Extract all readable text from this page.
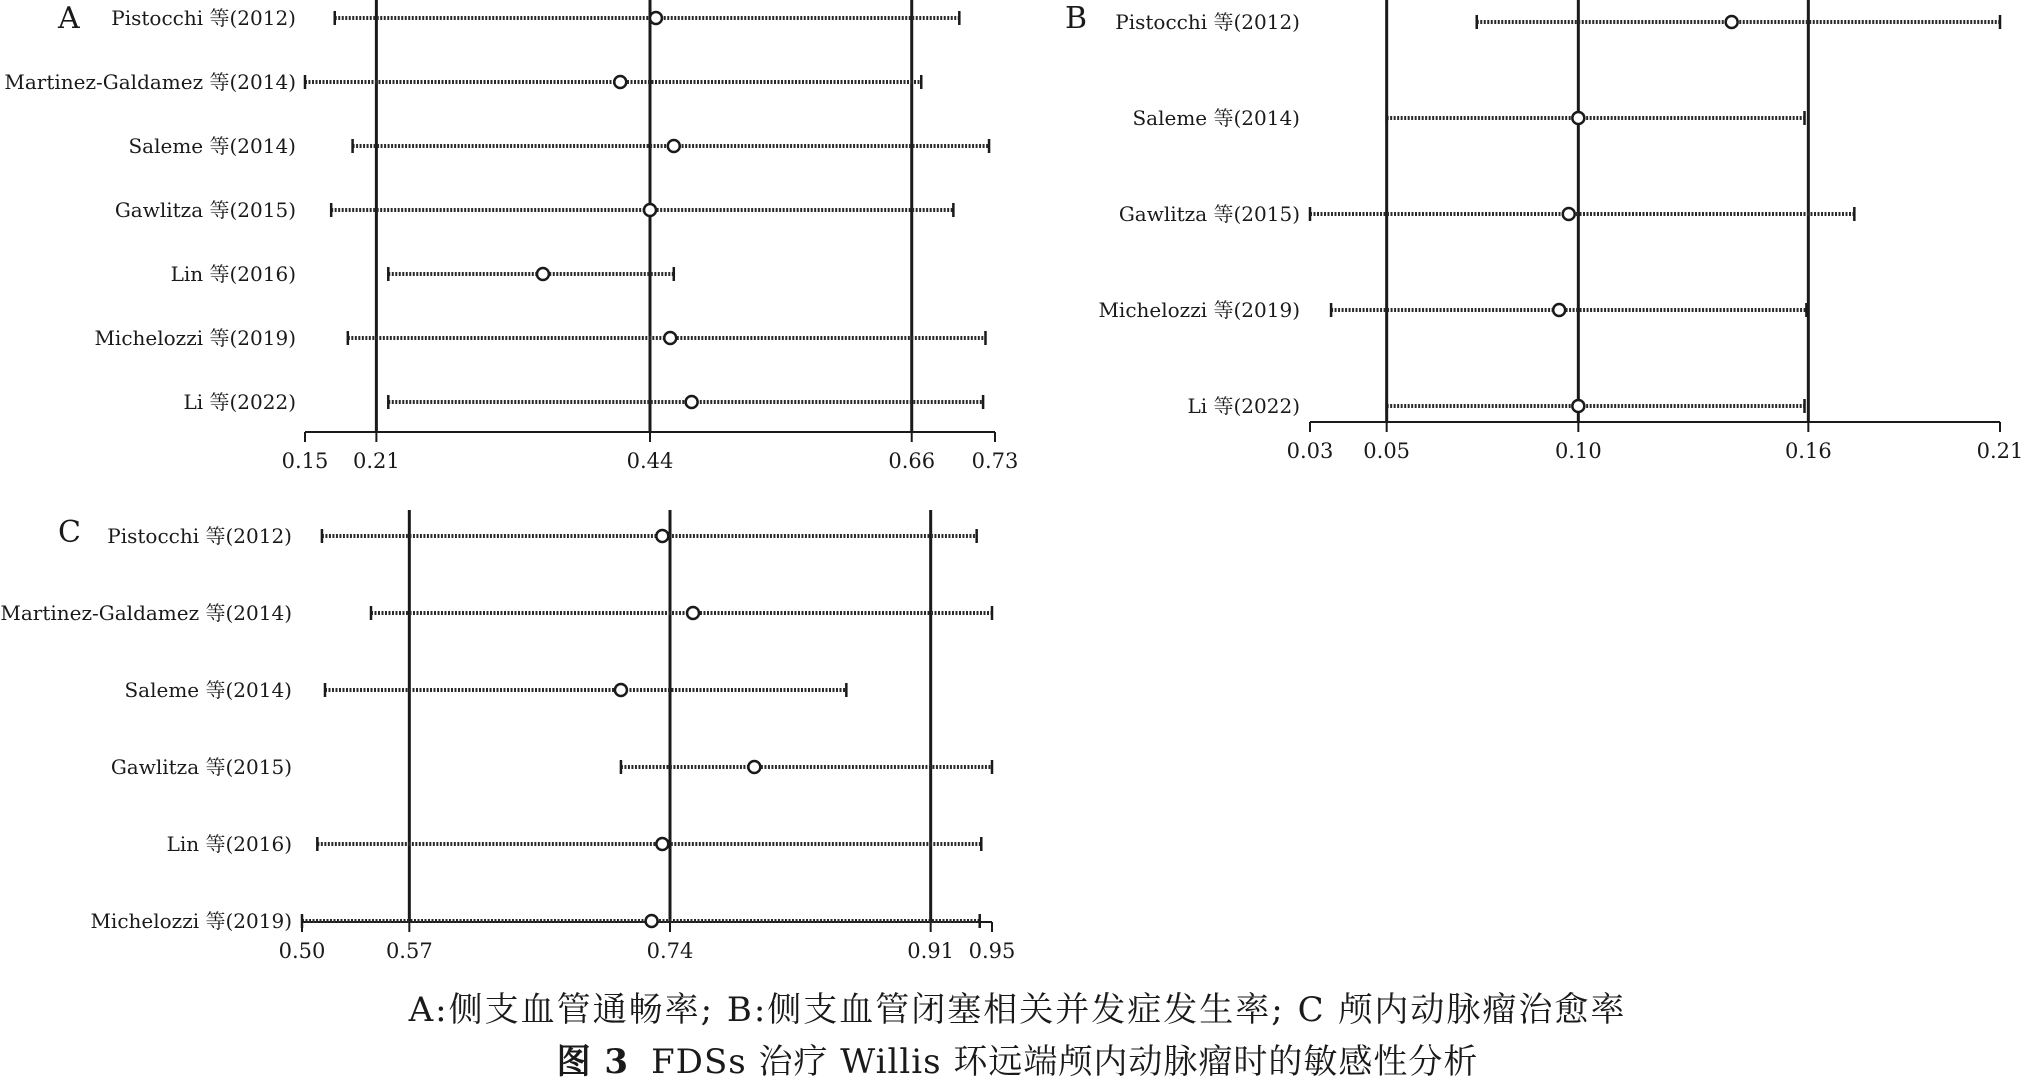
A
0.15 0.21	0.44	0.66 0.73
Pistocchi 等(2012)
Martinez-Galdamez 等(2014)
Saleme 等(2014)
Gawlitza 等(2015)
Lin 等(2016)
Michelozzi 等(2019)
Li 等(2022)
B
0.03 0.05	0.10	0.16	0.21
Pistocchi 等(2012)
Saleme 等(2014)
Gawlitza 等(2015)
Michelozzi 等(2019)
Li 等(2022)
C
0.50	0.57	0.74	0.91 0.95
Pistocchi 等(2012)
Martinez-Galdamez 等(2014)
Saleme 等(2014)
Gawlitza 等(2015)
Lin 等(2016)
Michelozzi 等(2019)
A:侧支血管通畅率; B:侧支血管闭塞相关并发症发生率; C 颅内动脉瘤治愈率
图 3 FDSs 治疗 Willis 环远端颅内动脉瘤时的敏感性分析
